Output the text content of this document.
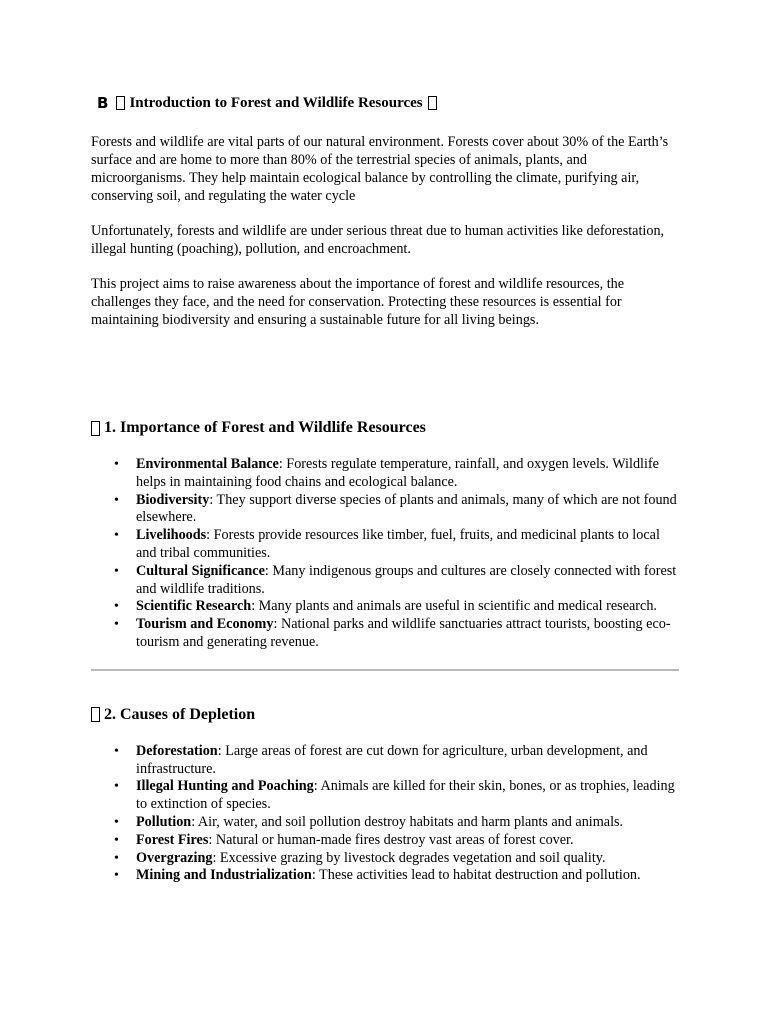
B Introduction to Forest and Wildlife Resources

Forests and wildlife are vital parts of our natural environment. Forests cover about 30% of the Earth’s surface and are home to more than 80% of the terrestrial species of animals, plants, and microorganisms. They help maintain ecological balance by controlling the climate, purifying air, conserving soil, and regulating the water cycle

Unfortunately, forests and wildlife are under serious threat due to human activities like deforestation, illegal hunting (poaching), pollution, and encroachment.

This project aims to raise awareness about the importance of forest and wildlife resources, the challenges they face, and the need for conservation. Protecting these resources is essential for maintaining biodiversity and ensuring a sustainable future for all living beings.

1. Importance of Forest and Wildlife Resources
• Environmental Balance: Forests regulate temperature, rainfall, and oxygen levels. Wildlife helps in maintaining food chains and ecological balance.
• Biodiversity: They support diverse species of plants and animals, many of which are not found elsewhere.
• Livelihoods: Forests provide resources like timber, fuel, fruits, and medicinal plants to local and tribal communities.
• Cultural Significance: Many indigenous groups and cultures are closely connected with forest and wildlife traditions.
• Scientific Research: Many plants and animals are useful in scientific and medical research.
• Tourism and Economy: National parks and wildlife sanctuaries attract tourists, boosting eco-tourism and generating revenue.
2. Causes of Depletion
• Deforestation: Large areas of forest are cut down for agriculture, urban development, and infrastructure.
• Illegal Hunting and Poaching: Animals are killed for their skin, bones, or as trophies, leading to extinction of species.
• Pollution: Air, water, and soil pollution destroy habitats and harm plants and animals.
• Forest Fires: Natural or human-made fires destroy vast areas of forest cover.
• Overgrazing: Excessive grazing by livestock degrades vegetation and soil quality.
• Mining and Industrialization: These activities lead to habitat destruction and pollution.
